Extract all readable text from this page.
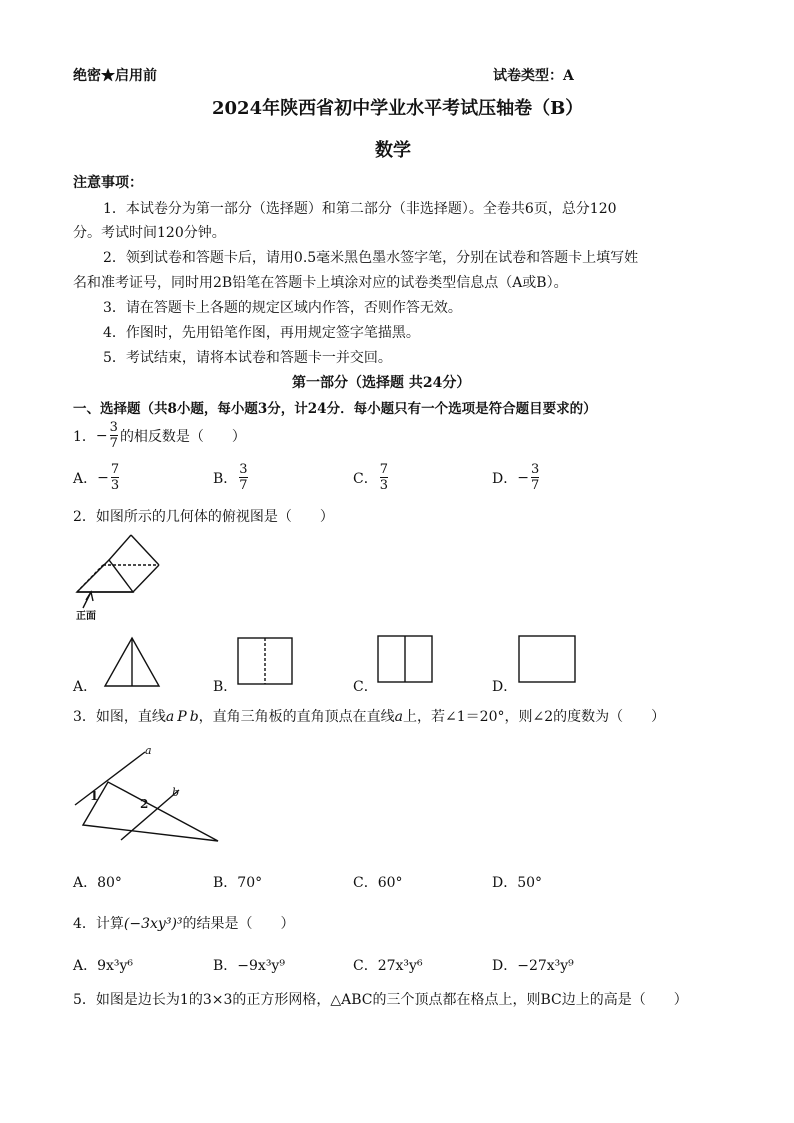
绝密★启用前	试卷类型：A
2024年陕西省初中学业水平考试压轴卷（B）
数学
注意事项：
1．本试卷分为第一部分（选择题）和第二部分（非选择题）。全卷共6页，总分120
分。考试时间120分钟。
2．领到试卷和答题卡后，请用0.5毫米黑色墨水签字笔，分别在试卷和答题卡上填写姓
名和准考证号，同时用2B铅笔在答题卡上填涂对应的试卷类型信息点（A或B）。
3．请在答题卡上各题的规定区域内作答，否则作答无效。
4．作图时，先用铅笔作图，再用规定签字笔描黑。
5．考试结束，请将本试卷和答题卡一并交回。
第一部分（选择题 共24分）
一、选择题（共8小题，每小题3分，计24分．每小题只有一个选项是符合题目要求的）
1． − $\frac{3}{7}$ 的相反数是（　　）
A． − $\frac{7}{3}$	B． $\frac{3}{7}$	C． $\frac{7}{3}$	D． − $\frac{3}{7}$
2．如图所示的几何体的俯视图是（　　）
正面
A．	B．	C．	D．
3．如图，直线a P b，直角三角板的直角顶点在直线a上，若∠1＝20°，则∠2的度数为（　　）
a
b
1
2
A．80°	B．70°	C．60°	D．50°
4．计算(−3xy³)³的结果是（　　）
A．9x³y⁶	B．−9x³y⁹	C．27x³y⁶	D．−27x³y⁹
5．如图是边长为1的3×3的正方形网格，△ABC的三个顶点都在格点上，则BC边上的高是（　　）
